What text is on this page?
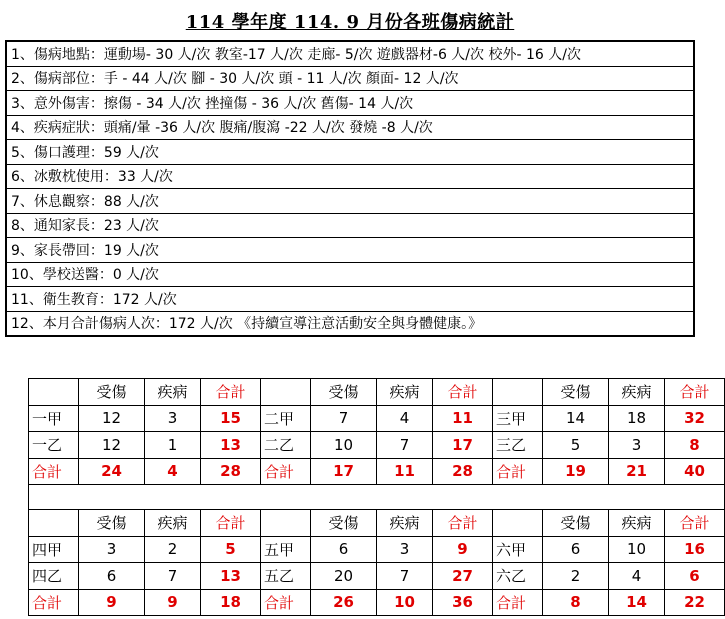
114 學年度 114. 9 月份各班傷病統計
1、傷病地點：運動場- 30 人/次 教室-17 人/次 走廊- 5/次 遊戲器材-6 人/次 校外- 16 人/次
2、傷病部位：手 - 44 人/次 腳 - 30 人/次 頭 - 11 人/次 顏面- 12 人/次
3、意外傷害：擦傷 - 34 人/次 挫撞傷 - 36 人/次 舊傷- 14 人/次
4、疾病症狀：頭痛/暈 -36 人/次 腹痛/腹瀉 -22 人/次 發燒 -8 人/次
5、傷口護理：59 人/次
6、冰敷枕使用：33 人/次
7、休息觀察：88 人/次
8、通知家長：23 人/次
9、家長帶回：19 人/次
10、學校送醫：0 人/次
11、衛生教育：172 人/次
12、本月合計傷病人次：172 人/次 《持續宣導注意活動安全與身體健康。》
	受傷	疾病	合計		受傷	疾病	合計		受傷	疾病	合計
一甲	12	3	15	二甲	7	4	11	三甲	14	18	32
一乙	12	1	13	二乙	10	7	17	三乙	5	3	8
合計	24	4	28	合計	17	11	28	合計	19	21	40

	受傷	疾病	合計		受傷	疾病	合計		受傷	疾病	合計
四甲	3	2	5	五甲	6	3	9	六甲	6	10	16
四乙	6	7	13	五乙	20	7	27	六乙	2	4	6
合計	9	9	18	合計	26	10	36	合計	8	14	22
